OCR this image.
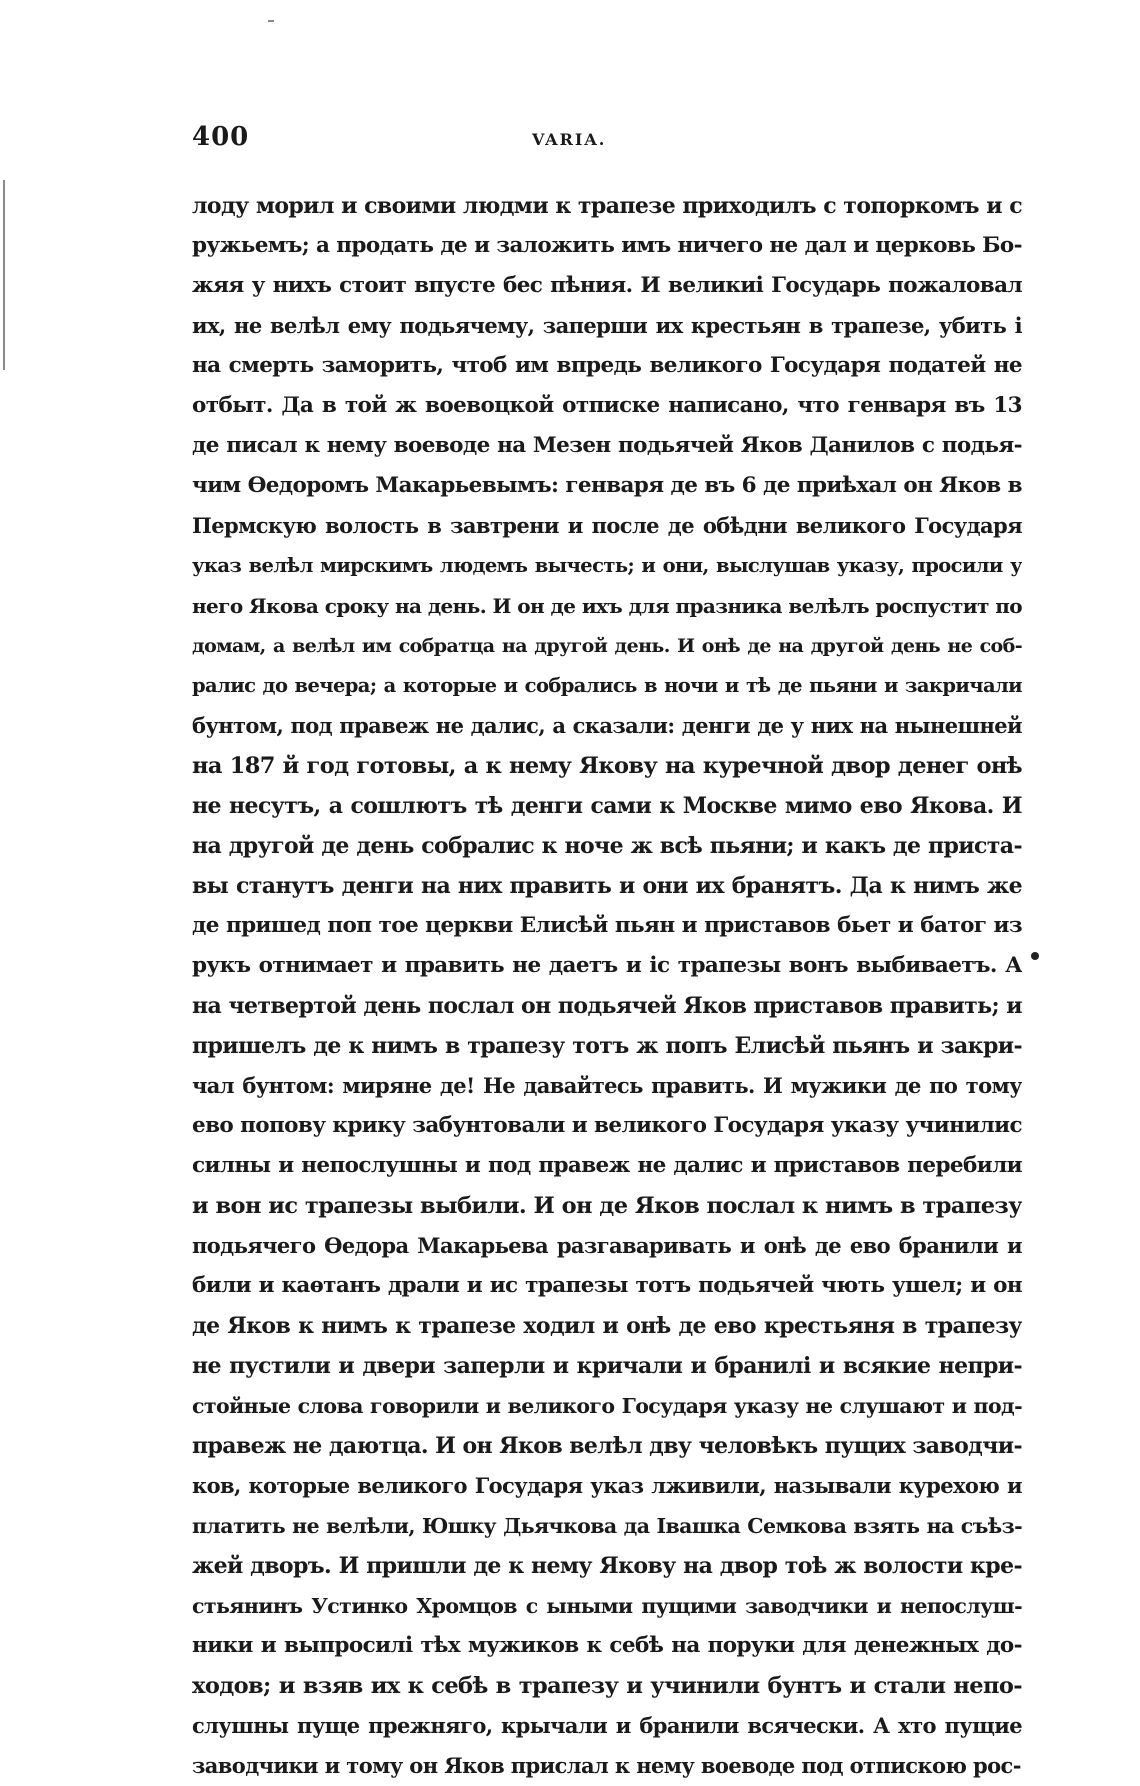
400	VARIA.
лоду морил и своими людми к трапезе приходилъ с топоркомъ и с
ружьемъ; а продать де и заложить имъ ничего не дал и церковь Бо-
жяя у нихъ стоит впусте бес пѣния. И великиі Государь пожаловал
их, не велѣл ему подьячему, заперши их крестьян в трапезе, убить і
на смерть заморить, чтоб им впредь великого Государя податей не
отбыт. Да в той ж воевоцкой отписке написано, что генваря въ 13
де писал к нему воеводе на Мезен подьячей Яков Данилов с подья-
чим Ѳедоромъ Макарьевымъ: генваря де въ 6 де приѣхал он Яков в
Пермскую волость в завтрени и после де обѣдни великого Государя
указ велѣл мирскимъ людемъ вычесть; и они, выслушав указу, просили у
него Якова сроку на день. И он де ихъ для празника велѣлъ роспустит по
домам, а велѣл им собратца на другой день. И онѣ де на другой день не соб-
ралис до вечера; а которые и собрались в ночи и тѣ де пьяни и закричали
бунтом, под правеж не далис, а сказали: денги де у них на нынешней
на 187 й год готовы, а к нему Якову на куречной двор денег онѣ
не несутъ, а сошлютъ тѣ денги сами к Москве мимо ево Якова. И
на другой де день собралис к ноче ж всѣ пьяни; и какъ де приста-
вы станутъ денги на них править и они их бранятъ. Да к нимъ же
де пришед поп тое церкви Елисѣй пьян и приставов бьет и батог из
рукъ отнимает и править не даетъ и іс трапезы вонъ выбиваетъ. А
на четвертой день послал он подьячей Яков приставов править; и
пришелъ де к нимъ в трапезу тотъ ж попъ Елисѣй пьянъ и закри-
чал бунтом: миряне де! Не давайтесь править. И мужики де по тому
ево попову крику забунтовали и великого Государя указу учинилис
силны и непослушны и под правеж не далис и приставов перебили
и вон ис трапезы выбили. И он де Яков послал к нимъ в трапезу
подьячего Ѳедора Макарьева разгаваривать и онѣ де ево бранили и
били и каѳтанъ драли и ис трапезы тотъ подьячей чють ушел; и он
де Яков к нимъ к трапезе ходил и онѣ де ево крестьяня в трапезу
не пустили и двери заперли и кричали и бранилі и всякие непри-
стойные слова говорили и великого Государя указу не слушают и под-
правеж не даютца. И он Яков велѣл дву человѣкъ пущих заводчи-
ков, которые великого Государя указ лживили, называли курехою и
платить не велѣли, Юшку Дьячкова да Івашка Семкова взять на съѣз-
жей дворъ. И пришли де к нему Якову на двор тоѣ ж волости кре-
стьянинъ Устинко Хромцов с ыными пущими заводчики и непослуш-
ники и выпросилі тѣх мужиков к себѣ на поруки для денежных до-
ходов; и взяв их к себѣ в трапезу и учинили бунтъ и стали непо-
слушны пуще прежняго, крычали и бранили всячески. А хто пущие
заводчики и тому он Яков прислал к нему воеводе под отпискою рос-
